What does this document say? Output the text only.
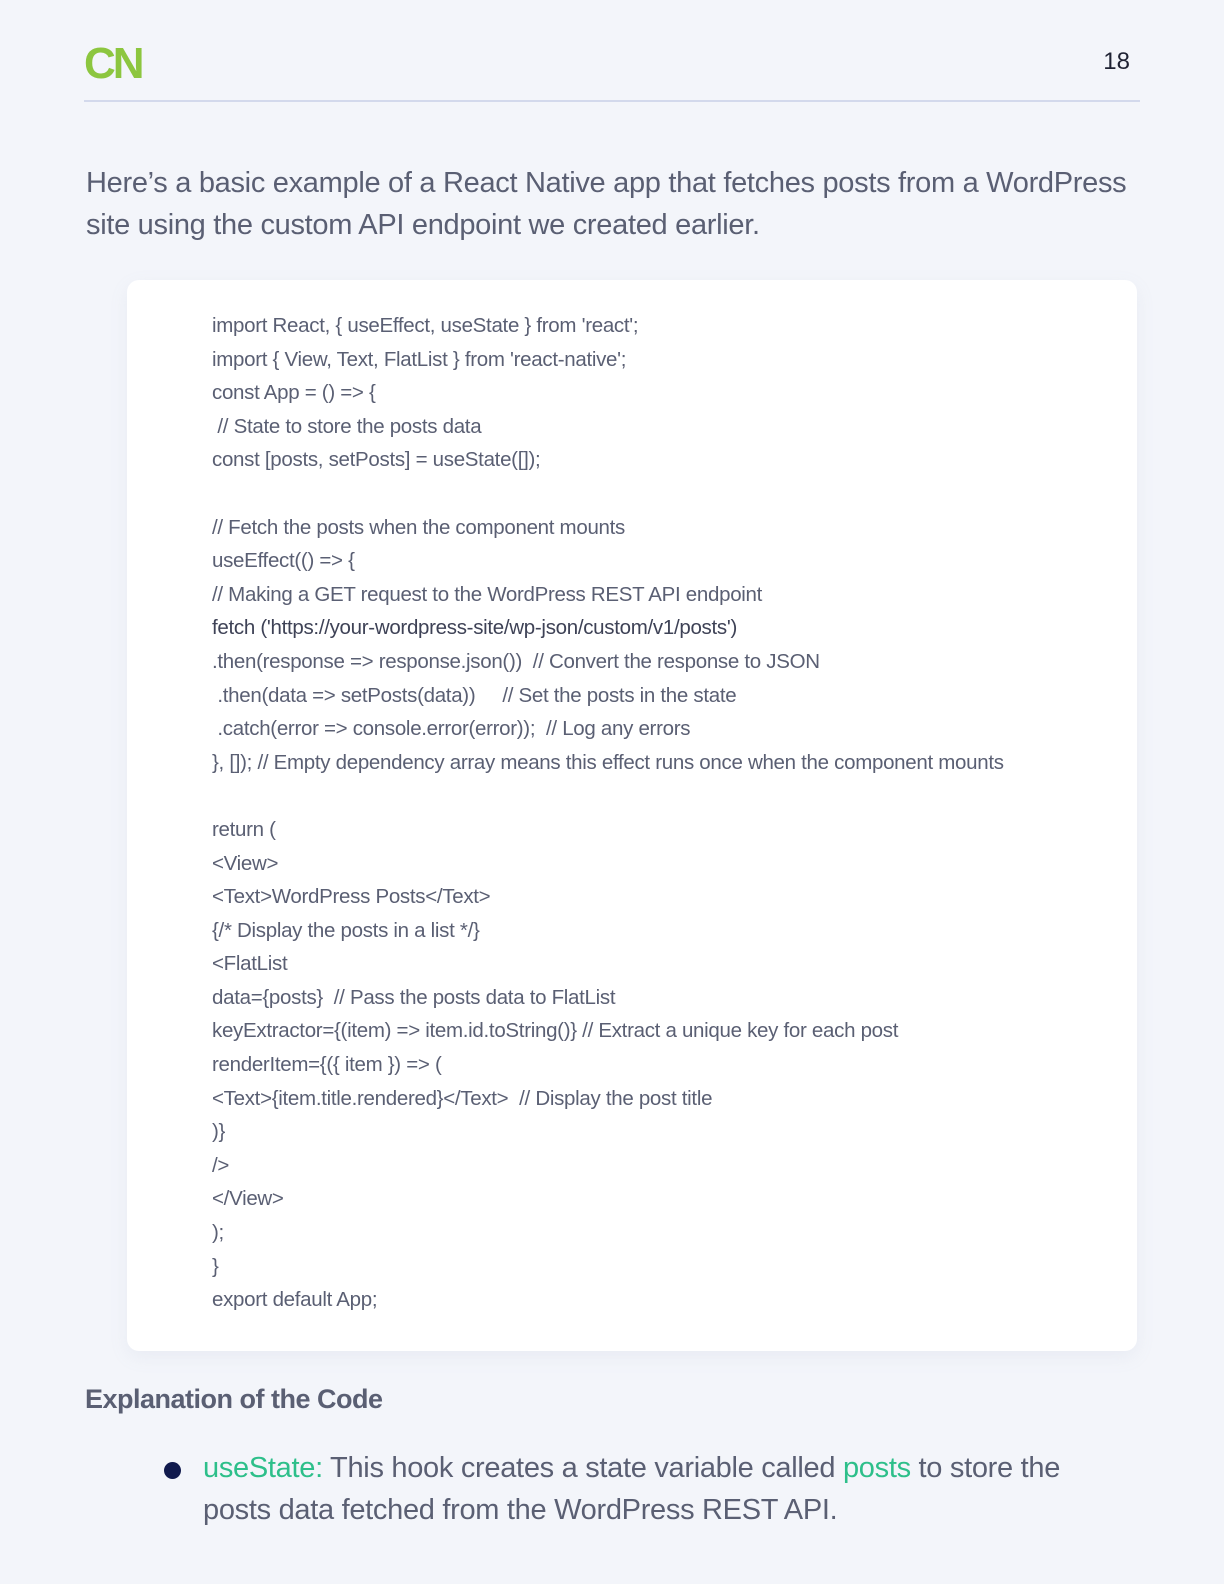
CN	18

Here’s a basic example of a React Native app that fetches posts from a WordPress site using the custom API endpoint we created earlier.

import React, { useEffect, useState } from 'react';
import { View, Text, FlatList } from 'react-native';
const App = () => {
// State to store the posts data
const [posts, setPosts] = useState([]);
// Fetch the posts when the component mounts
useEffect(() => {
// Making a GET request to the WordPress REST API endpoint
fetch ('https://your-wordpress-site/wp-json/custom/v1/posts')
.then(response => response.json())  // Convert the response to JSON
.then(data => setPosts(data))     // Set the posts in the state
.catch(error => console.error(error));  // Log any errors
}, []); // Empty dependency array means this effect runs once when the component mounts
return (
<View>
<Text>WordPress Posts</Text>
{/* Display the posts in a list */}
<FlatList
data={posts}  // Pass the posts data to FlatList
keyExtractor={(item) => item.id.toString()} // Extract a unique key for each post
renderItem={({ item }) => (
<Text>{item.title.rendered}</Text>  // Display the post title
)}
/>
</View>
);
}
export default App;
Explanation of the Code
useState: This hook creates a state variable called posts to store the posts data fetched from the WordPress REST API.
